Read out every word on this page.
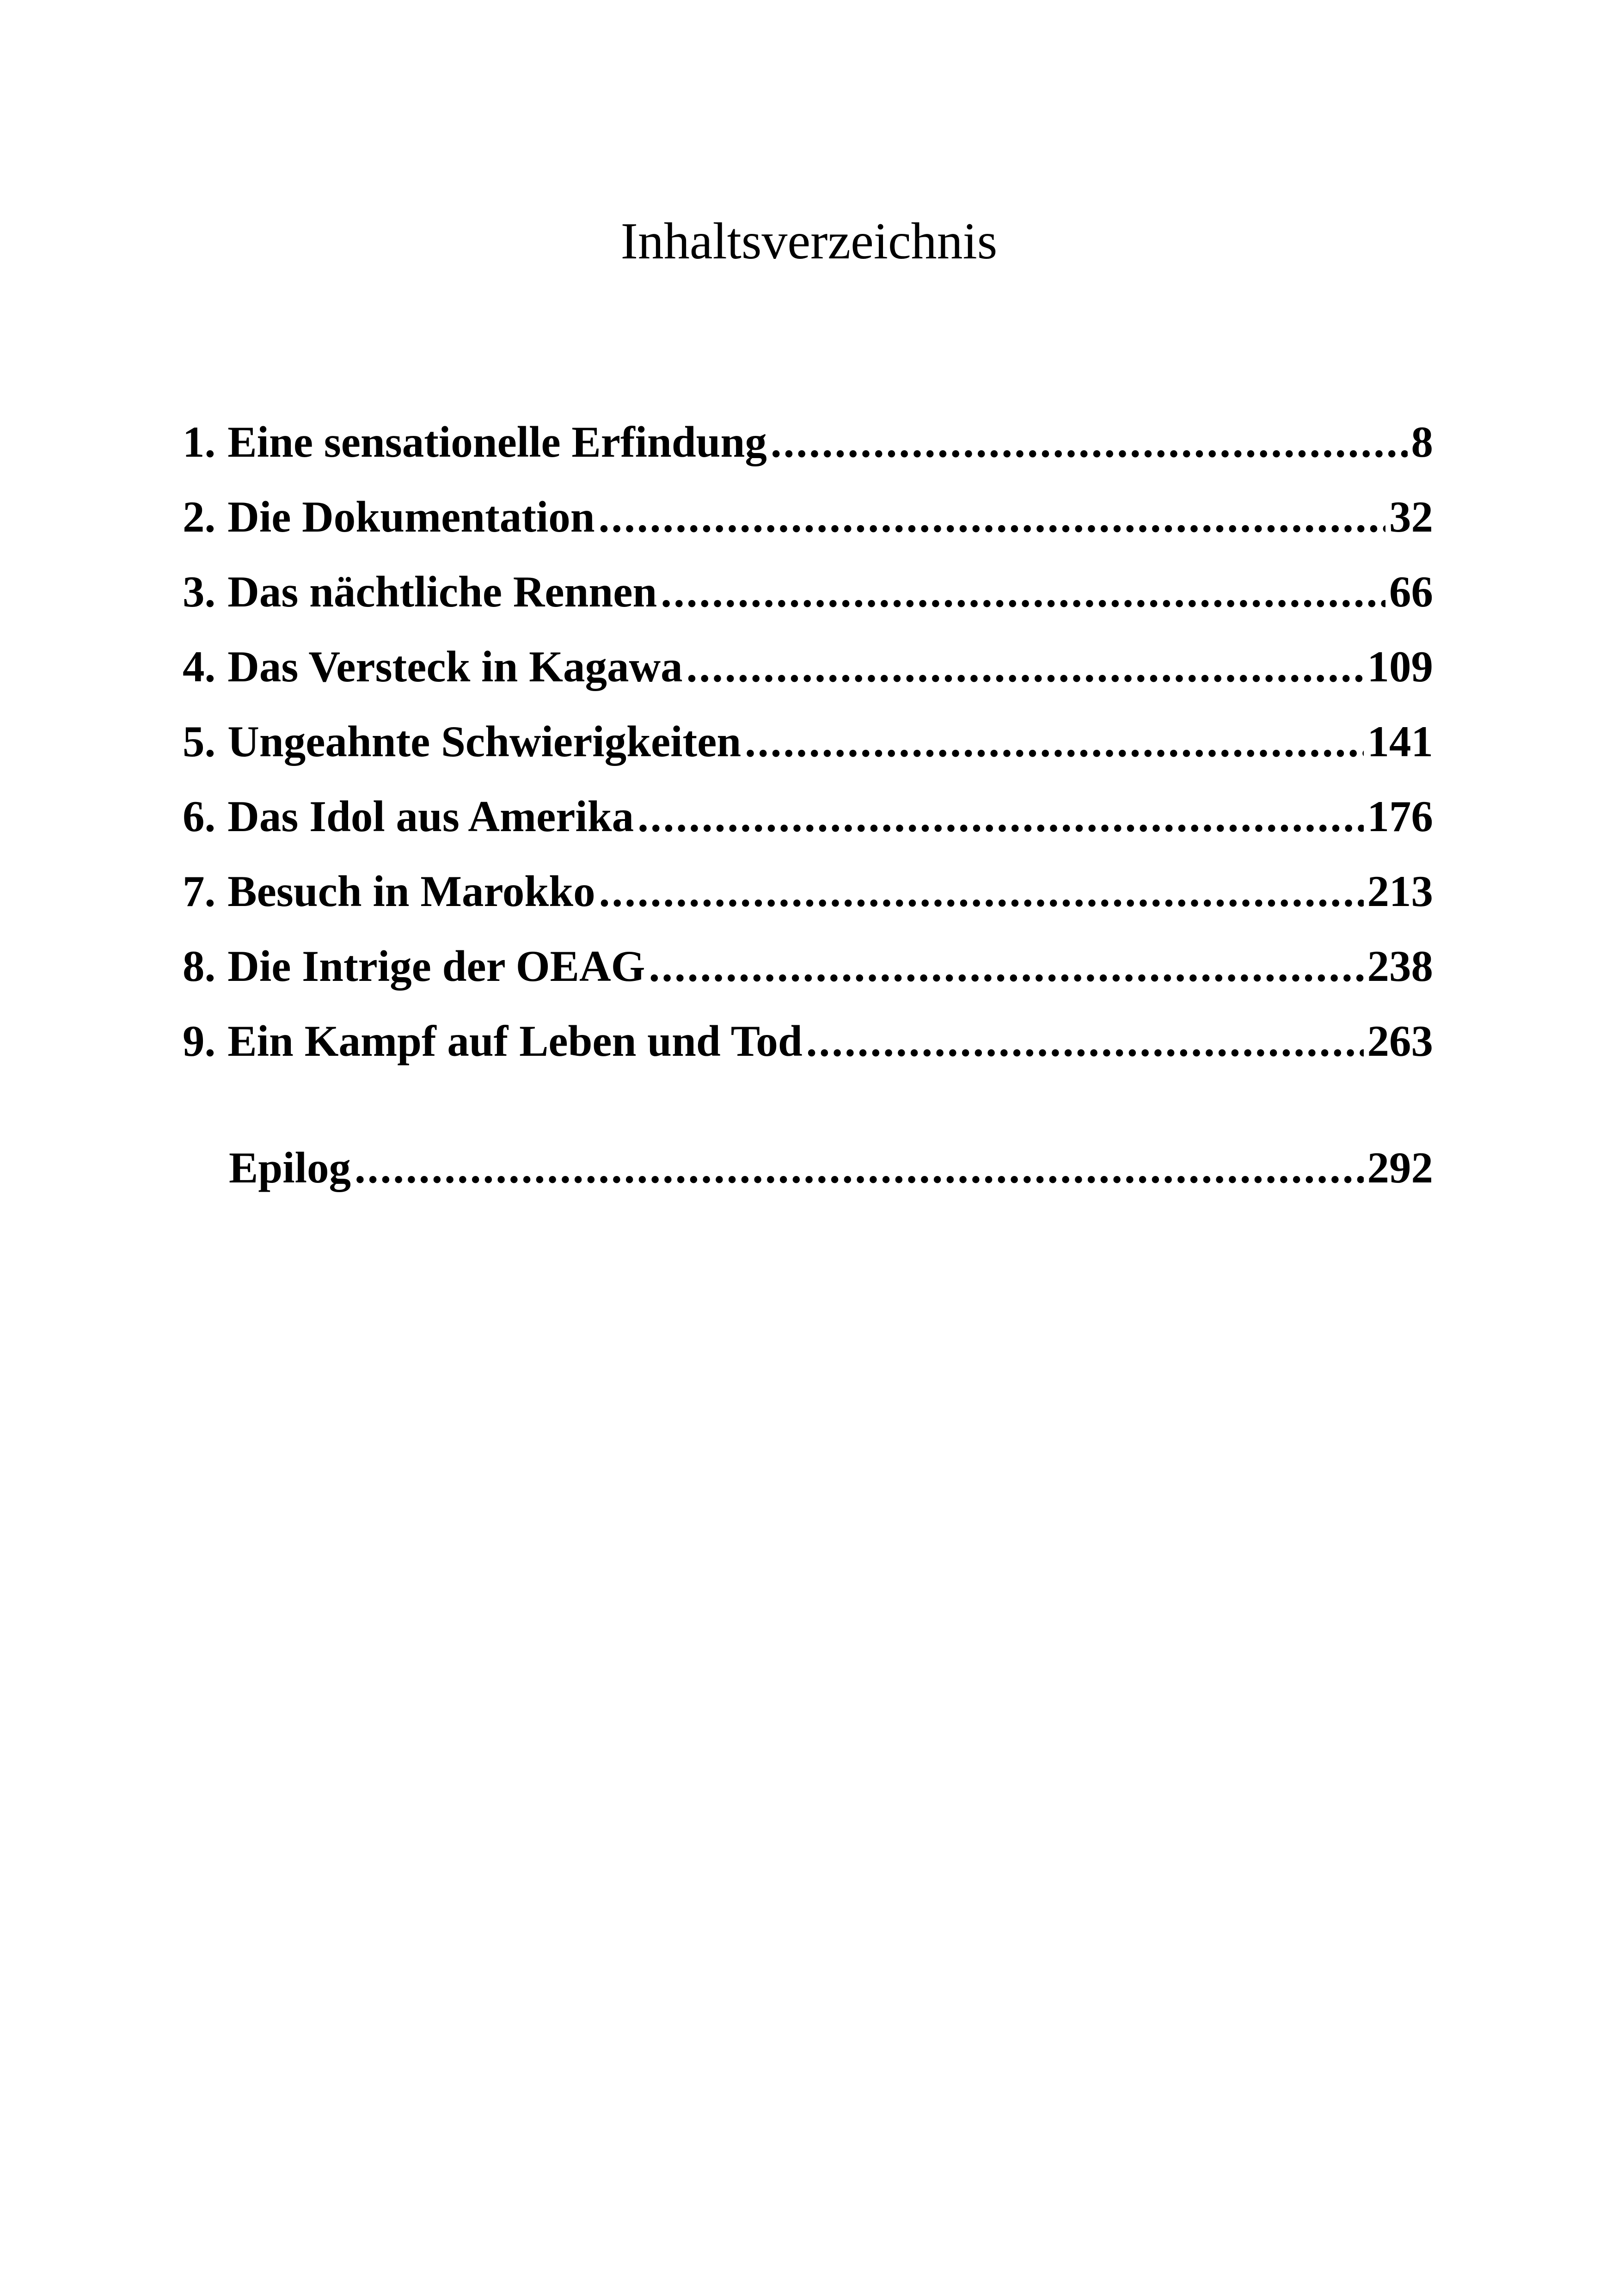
Inhaltsverzeichnis
1. Eine sensationelle Erfindung .....	8
2. Die Dokumentation .....	32
3. Das nächtliche Rennen .....	66
4. Das Versteck in Kagawa .....	109
5. Ungeahnte Schwierigkeiten .....	141
6. Das Idol aus Amerika .....	176
7. Besuch in Marokko .....	213
8. Die Intrige der OEAG .....	238
9. Ein Kampf auf Leben und Tod .....	263
Epilog .....	292
